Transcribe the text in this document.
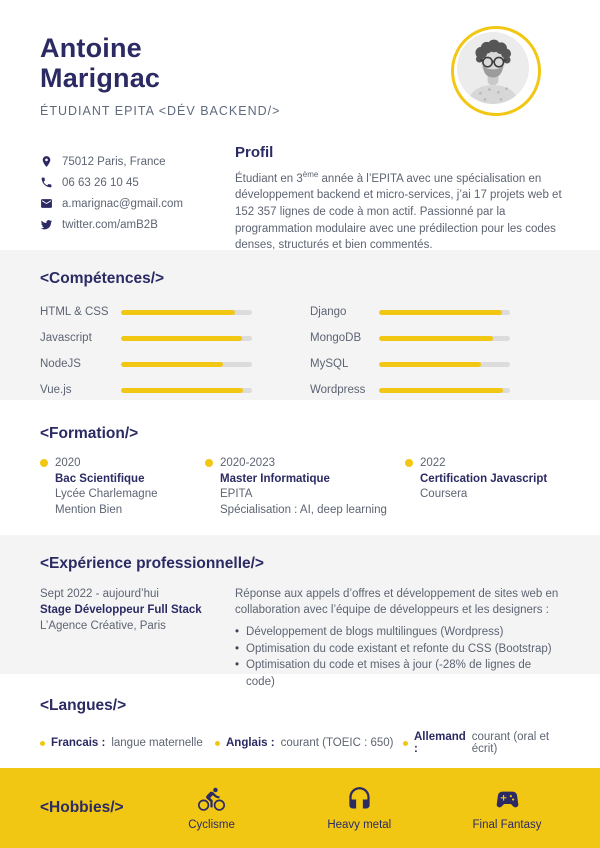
Antoine
Marignac
ÉTUDIANT EPITA <DÉV BACKEND/>
75012 Paris, France
06 63 26 10 45
a.marignac@gmail.com
twitter.com/amB2B
Profil

Étudiant en 3ème année à l’EPITA avec une spécialisation en développement backend et micro-services, j’ai 17 projets web et 152 357 lignes de code à mon actif. Passionné par la programmation modulaire avec une prédilection pour les codes denses, structurés et bien commentés.

<Compétences/>
HTML & CSS
Javascript
NodeJS
Vue.js
Django
MongoDB
MySQL
Wordpress
<Formation/>
2020
Bac Scientifique
Lycée Charlemagne
Mention Bien
2020-2023
Master Informatique
EPITA
Spécialisation : AI, deep learning
2022
Certification Javascript
Coursera
<Expérience professionnelle/>
Sept 2022 - aujourd’hui
Stage Développeur Full Stack
L’Agence Créative, Paris

Réponse aux appels d’offres et développement de sites web en collaboration avec l’équipe de développeurs et les designers :

• Développement de blogs multilingues (Wordpress)
• Optimisation du code existant et refonte du CSS (Bootstrap)
• Optimisation du code et mises à jour (-28% de lignes de code)
<Langues/>
Francais : langue maternelle Anglais : courant (TOEIC : 650) Allemand :
courant (oral et écrit)
<Hobbies/>
Cyclisme	Heavy metal	Final Fantasy
